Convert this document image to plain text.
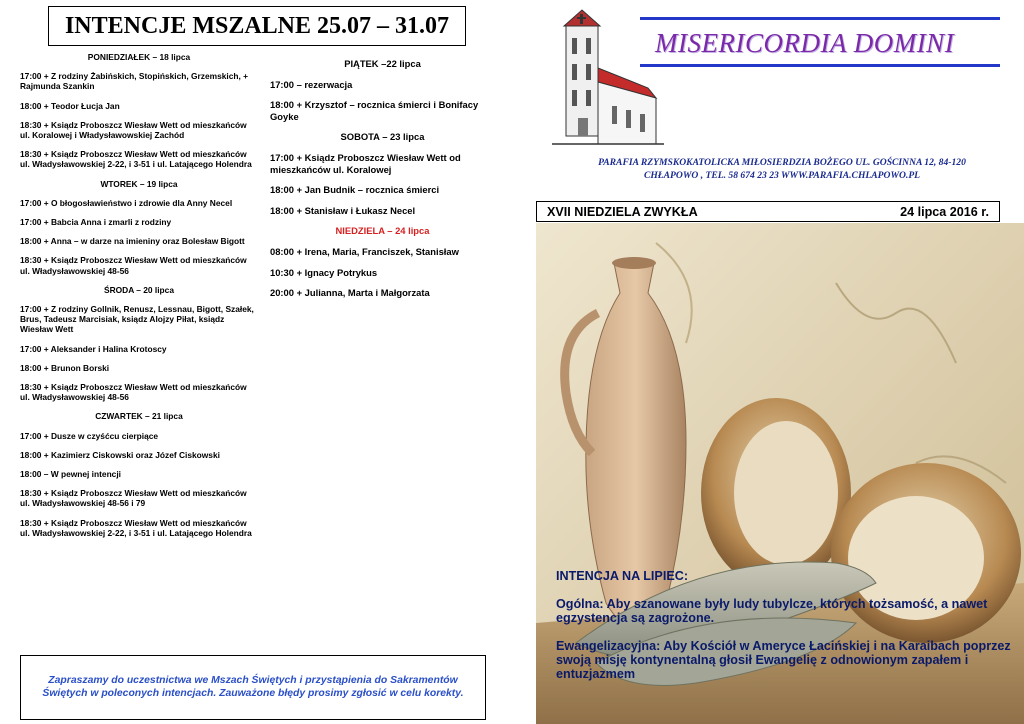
INTENCJE MSZALNE 25.07 – 31.07
PONIEDZIAŁEK – 18 lipca
17:00 + Z rodziny Żabińskich, Stopińskich, Grzemskich, + Rajmunda Szankin
18:00 + Teodor Łucja Jan
18:30 + Ksiądz Proboszcz Wiesław Wett od mieszkańców ul. Koralowej i Władysławowskiej Zachód
18:30 + Ksiądz Proboszcz Wiesław Wett od mieszkańców ul. Władysławowskiej 2-22, i 3-51 i ul. Latającego Holendra
WTOREK – 19 lipca
17:00 + O błogosławieństwo i zdrowie dla Anny Necel
17:00 + Babcia Anna i zmarli z rodziny
18:00 + Anna – w darze na imieniny oraz Bolesław Bigott
18:30 + Ksiądz Proboszcz Wiesław Wett od mieszkańców ul. Władysławowskiej 48-56
ŚRODA – 20 lipca
17:00 + Z rodziny Gollnik, Renusz, Lessnau, Bigott, Szałek, Brus, Tadeusz Marcisiak, ksiądz Alojzy Piłat, ksiądz Wiesław Wett
17:00 + Aleksander i Halina Krotoscy
18:00 + Brunon Borski
18:30 + Ksiądz Proboszcz Wiesław Wett od mieszkańców ul. Władysławowskiej 48-56
CZWARTEK – 21 lipca
17:00 + Dusze w czyśćcu cierpiące
18:00 + Kazimierz Ciskowski oraz Józef Ciskowski
18:00 – W pewnej intencji
18:30 + Ksiądz Proboszcz Wiesław Wett od mieszkańców ul. Władysławowskiej 48-56 i 79
18:30 + Ksiądz Proboszcz Wiesław Wett od mieszkańców ul. Władysławowskiej 2-22, i 3-51 i ul. Latającego Holendra
PIĄTEK –22 lipca
17:00 – rezerwacja
18:00 + Krzysztof – rocznica śmierci i Bonifacy Goyke
SOBOTA – 23 lipca
17:00 + Ksiądz Proboszcz Wiesław Wett od mieszkańców ul. Koralowej
18:00 + Jan Budnik – rocznica śmierci
18:00 + Stanisław i Łukasz Necel
NIEDZIELA – 24 lipca
08:00 + Irena, Maria, Franciszek, Stanisław
10:30 + Ignacy Potrykus
20:00 + Julianna, Marta i Małgorzata
Zapraszamy do uczestnictwa we Mszach Świętych i przystąpienia do Sakramentów Świętych w poleconych intencjach. Zauważone błędy prosimy zgłosić w celu korekty.
MISERICORDIA DOMINI
PARAFIA RZYMSKOKATOLICKA MIŁOSIERDZIA BOŻEGO UL. GOŚCINNA 12, 84-120
CHŁAPOWO , TEL. 58 674 23 23 WWW.PARAFIA.CHLAPOWO.PL
XVII NIEDZIELA ZWYKŁA	24 lipca 2016 r.

INTENCJA NA LIPIEC:

Ogólna: Aby szanowane były ludy tubylcze, których tożsamość, a nawet egzystencja są zagrożone.

Ewangelizacyjna: Aby Kościół w Ameryce Łacińskiej i na Karaibach poprzez swoją misję kontynentalną głosił Ewangelię z odnowionym zapałem i entuzjazmem
